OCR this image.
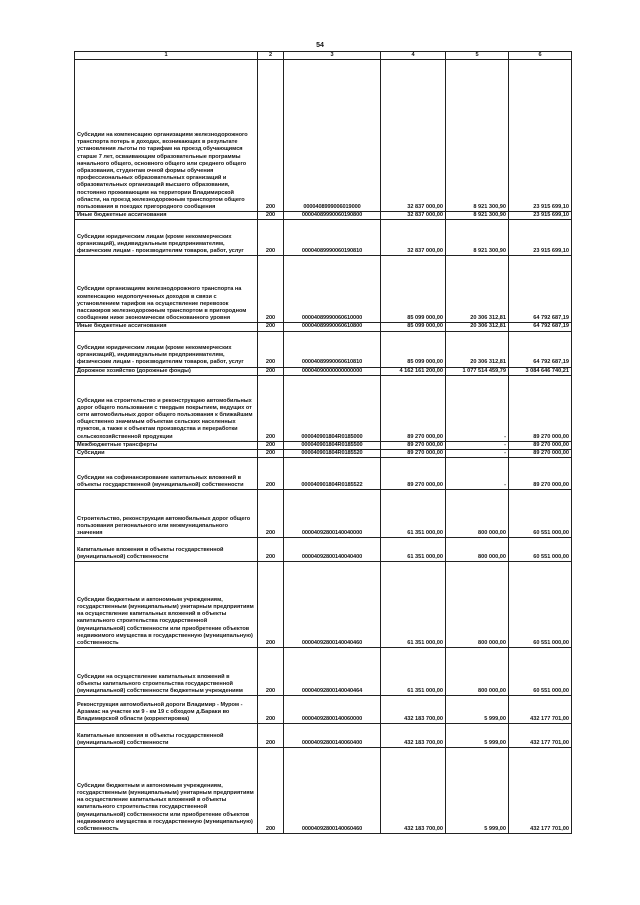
54
1	2	3	4	5	6
Субсидии на компенсацию организациям железнодорожного транспорта потерь в доходах, возникающих в результате установления льготы по тарифам на проезд обучающимся старше 7 лет, осваивающим образовательные программы начального общего, основного общего или среднего общего образования, студентам очной формы обучения профессиональных образовательных организаций и образовательных организаций высшего образования, постоянно проживающим на территории Владимирской области, на проезд железнодорожным транспортом общего пользования в поездах пригородного сообщения	200	0000408999006019000	32 837 000,00	8 921 300,90	23 915 699,10
Иные бюджетные ассигнования	200	00004089990060190800	32 837 000,00	8 921 300,90	23 915 699,10
Субсидии юридическим лицам (кроме некоммерческих организаций), индивидуальным предпринимателям, физическим лицам - производителям товаров, работ, услуг	200	00004089990060190810	32 837 000,00	8 921 300,90	23 915 699,10
Субсидии организациям железнодорожного транспорта на компенсацию недополученных доходов в связи с установлением тарифов на осуществление перевозок пассажиров железнодорожным транспортом в пригородном сообщении ниже экономически обоснованного уровня	200	00004089990060610000	85 099 000,00	20 306 312,81	64 792 687,19
Иные бюджетные ассигнования	200	00004089990060610800	85 099 000,00	20 306 312,81	64 792 687,19
Субсидии юридическим лицам (кроме некоммерческих организаций), индивидуальным предпринимателям, физическим лицам - производителям товаров, работ, услуг	200	00004089990060610810	85 099 000,00	20 306 312,81	64 792 687,19
Дорожное хозяйство (дорожные фонды)	200	00004090000000000000	4 162 161 200,00	1 077 514 459,79	3 084 646 740,21
Субсидии на строительство и реконструкцию автомобильных дорог общего пользования с твердым покрытием, ведущих от сети автомобильных дорог общего пользования к ближайшим общественно значимым объектам сельских населенных пунктов, а также к объектам производства и переработки сельскохозяйственной продукции	200	000040901804R0185000	89 270 000,00	-	89 270 000,00
Межбюджетные трансферты	200	000040901804R0185500	89 270 000,00	-	89 270 000,00
Субсидии	200	000040901804R0185520	89 270 000,00	-	89 270 000,00
Субсидии на софинансирование капитальных вложений в объекты государственной (муниципальной) собственности	200	000040901804R0185522	89 270 000,00	-	89 270 000,00
Строительство, реконструкция автомобильных дорог общего пользования регионального или межмуниципального значения	200	00004092800140040000	61 351 000,00	800 000,00	60 551 000,00
Капитальные вложения в объекты государственной (муниципальной) собственности	200	00004092800140040400	61 351 000,00	800 000,00	60 551 000,00
Субсидии бюджетным и автономным учреждениям, государственным (муниципальным) унитарным предприятиям на осуществление капитальных вложений в объекты капитального строительства государственной (муниципальной) собственности или приобретение объектов недвижимого имущества в государственную (муниципальную) собственность	200	00004092800140040460	61 351 000,00	800 000,00	60 551 000,00
Субсидии на осуществление капитальных вложений в объекты капитального строительства государственной (муниципальной) собственности бюджетным учреждениям	200	00004092800140040464	61 351 000,00	800 000,00	60 551 000,00
Реконструкция автомобильной дороги Владимир - Муром - Арзамас на участке км 9 - км 19 с обходом д.Бараки во Владимирской области (корректировка)	200	00004092800140060000	432 183 700,00	5 999,00	432 177 701,00
Капитальные вложения в объекты государственной (муниципальной) собственности	200	00004092800140060400	432 183 700,00	5 999,00	432 177 701,00
Субсидии бюджетным и автономным учреждениям, государственным (муниципальным) унитарным предприятиям на осуществление капитальных вложений в объекты капитального строительства государственной (муниципальной) собственности или приобретение объектов недвижимого имущества в государственную (муниципальную) собственность	200	00004092800140060460	432 183 700,00	5 999,00	432 177 701,00
